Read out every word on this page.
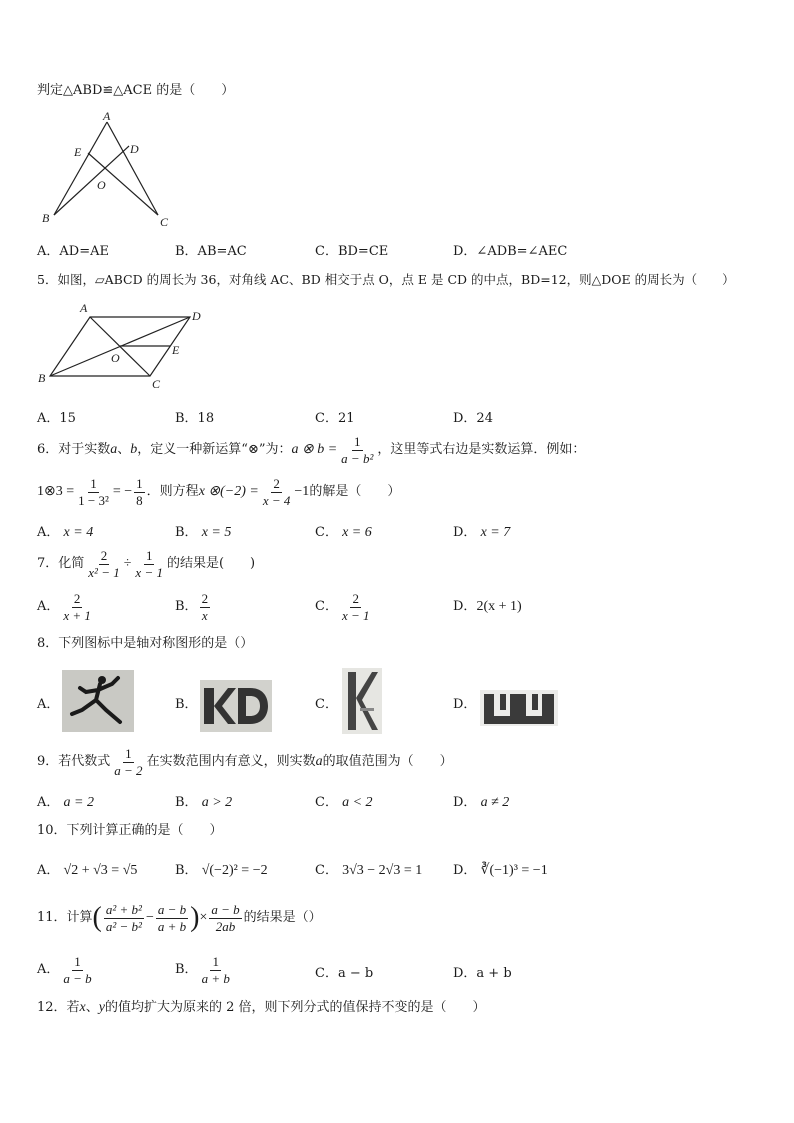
判定△ABD≌△ACE 的是（　　）
A
E	D
O
B	C
A．AD=AE	B．AB=AC	C．BD=CE	D．∠ADB=∠AEC
5．如图，▱ABCD 的周长为 36，对角线 AC、BD 相交于点 O，点 E 是 CD 的中点，BD=12，则△DOE 的周长为（　　）
A
D
O
E
B	C
A．15	B．18	C．21	D．24
6．对于实数 a 、 b ，定义一种新运算“⊗”为： a ⊗ $b = \frac{1}{\text{a − b²}}$ ，这里等式右边是实数运算．例如：
1⊗3 = $\frac{1}{\text{1 − 3²}}$ = − $\frac{1}{8}$ ．则方程 x ⊗(−2) = $\frac{2}{x - 4} -1$ 的解是（　　）
A． x = 4	B． x = 5	C． x = 6	D． x = 7
7．化简 $\frac{2}{\text{x² − 1}} \div \frac{1}{x - 1}$ 的结果是(　　)
A． $\frac{2}{x + 1}$	B． $\frac{2}{x}$	C． $\frac{2}{x - 1}$	D． 2(x + 1)
8．下列图标中是轴对称图形的是（）
A．	B．	C．	D．
9．若代数式 $\frac{1}{a - 2}$ 在实数范围内有意义，则实数 a 的取值范围为（　　）
A． a = 2	B． a > 2	C． a < 2	D． a ≠ 2
10．下列计算正确的是（　　）
A． √2 + √3 = √5	B． √(−2)² = −2	C． 3√3 − 2√3 = 1 D． ∛(−1)³ = −1
11．计算 ( $\frac{\text{a² + b²}}{\text{a² − b²}} - \frac{a - b}{a + b}$ ) × $\frac{a - b}{2ab}$ 的结果是（）
A． $\frac{1}{a - b}$	B． $\frac{1}{a + b}$	C．a − b	D．a + b
12．若x、y的值均扩大为原来的 2 倍，则下列分式的值保持不变的是（　　）
